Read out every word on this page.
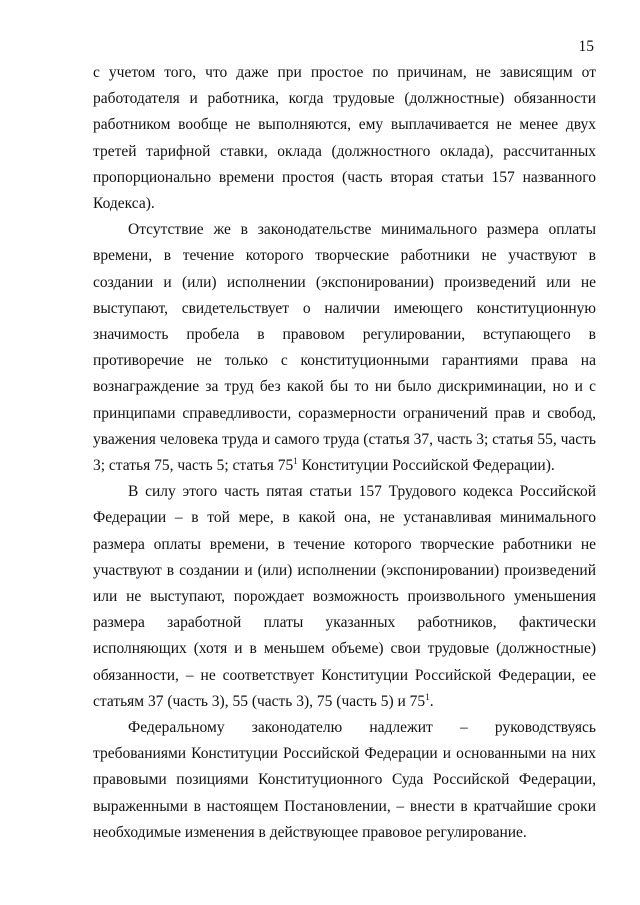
15

с учетом того, что даже при простое по причинам, не зависящим от работодателя и работника, когда трудовые (должностные) обязанности работником вообще не выполняются, ему выплачивается не менее двух третей тарифной ставки, оклада (должностного оклада), рассчитанных пропорционально времени простоя (часть вторая статьи 157 названного Кодекса).

Отсутствие же в законодательстве минимального размера оплаты времени, в течение которого творческие работники не участвуют в создании и (или) исполнении (экспонировании) произведений или не выступают, свидетельствует о наличии имеющего конституционную значимость пробела в правовом регулировании, вступающего в противоречие не только с конституционными гарантиями права на вознаграждение за труд без какой бы то ни было дискриминации, но и с принципами справедливости, соразмерности ограничений прав и свобод, уважения человека труда и самого труда (статья 37, часть 3; статья 55, часть 3; статья 75, часть 5; статья $75^1$ Конституции Российской Федерации).

В силу этого часть пятая статьи 157 Трудового кодекса Российской Федерации – в той мере, в какой она, не устанавливая минимального размера оплаты времени, в течение которого творческие работники не участвуют в создании и (или) исполнении (экспонировании) произведений или не выступают, порождает возможность произвольного уменьшения размера заработной платы указанных работников, фактически исполняющих (хотя и в меньшем объеме) свои трудовые (должностные) обязанности, – не соответствует Конституции Российской Федерации, ее статьям 37 (часть 3), 55 (часть 3), 75 (часть 5) и $75^1$.

Федеральному законодателю надлежит – руководствуясь требованиями Конституции Российской Федерации и основанными на них правовыми позициями Конституционного Суда Российской Федерации, выраженными в настоящем Постановлении, – внести в кратчайшие сроки необходимые изменения в действующее правовое регулирование.
